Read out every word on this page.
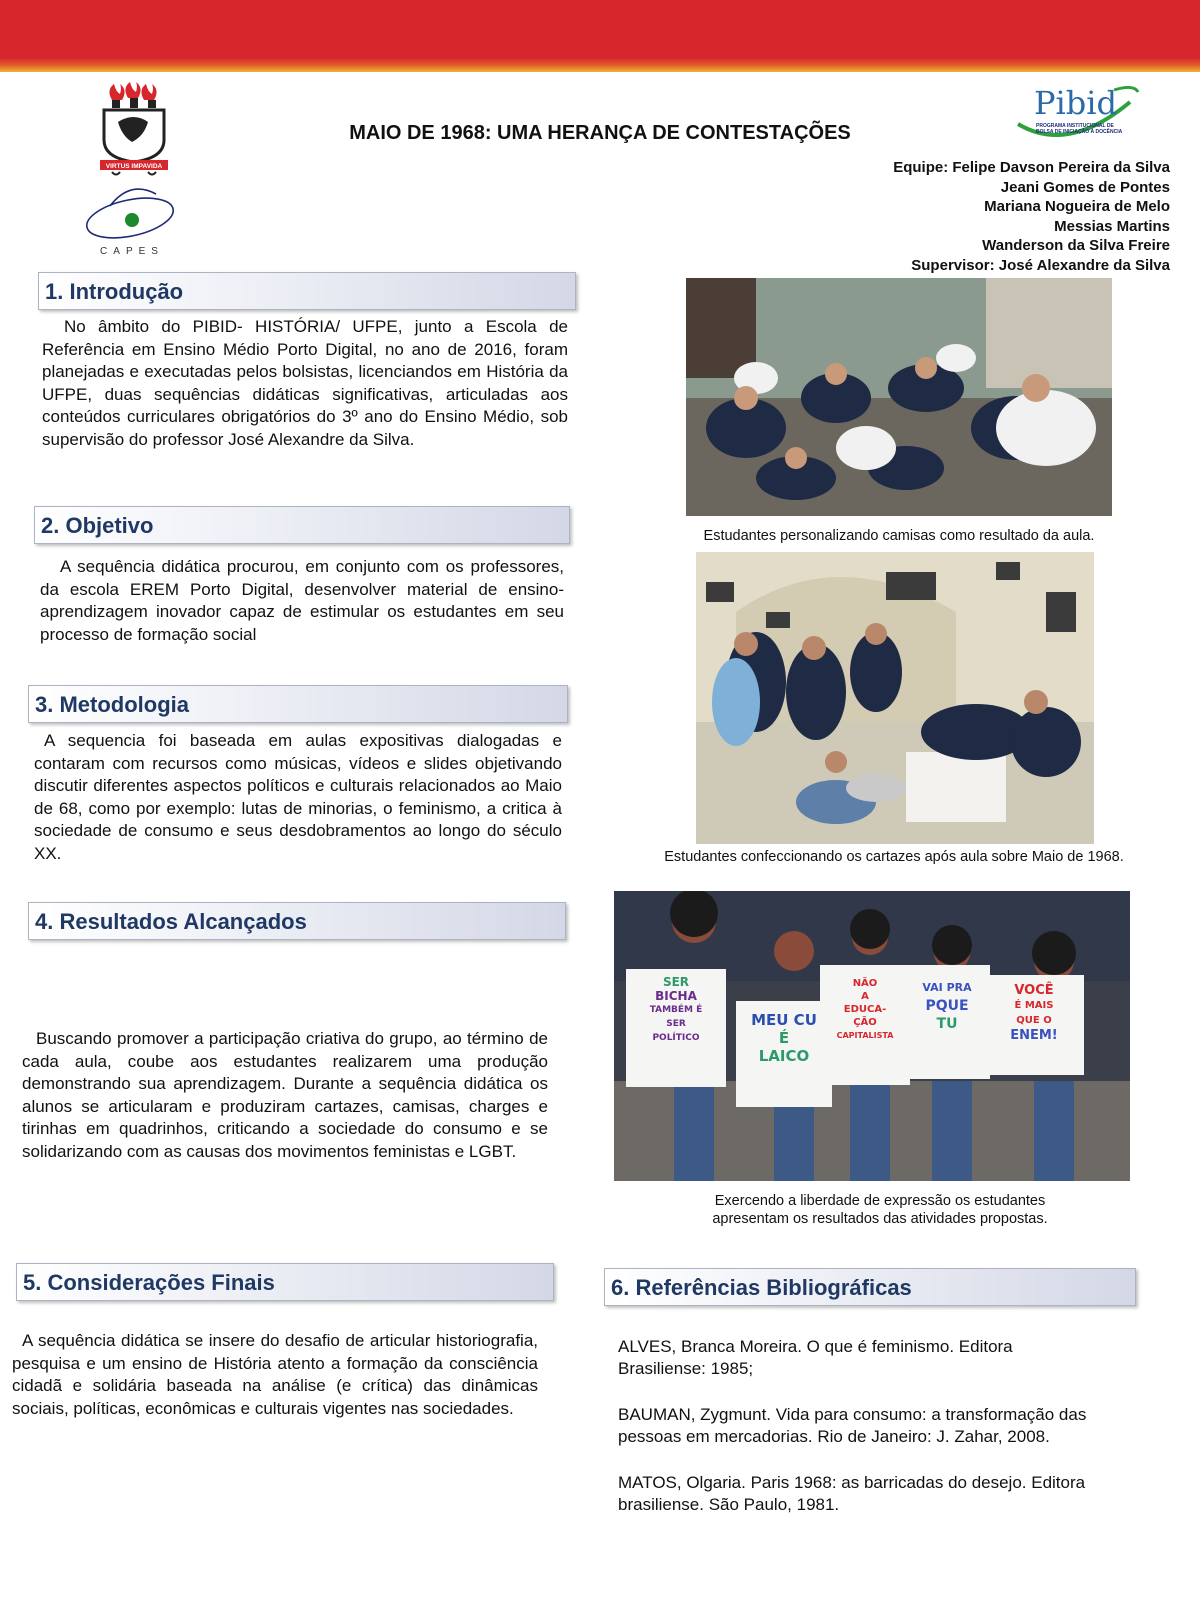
VIRTUS IMPAVIDA
CAPES
Pibid
PROGRAMA INSTITUCIONAL DE
BOLSA DE INICIAÇÃO À DOCÊNCIA
MAIO DE 1968: UMA HERANÇA DE CONTESTAÇÕES
Equipe: Felipe Davson Pereira da Silva
Jeani Gomes de Pontes
Mariana Nogueira de Melo
Messias Martins
Wanderson da Silva Freire
Supervisor: José Alexandre da Silva
1. Introdução
No âmbito do PIBID- HISTÓRIA/ UFPE, junto a Escola de Referência em Ensino Médio Porto Digital, no ano de 2016, foram planejadas e executadas pelos bolsistas, licenciandos em História da UFPE, duas sequências didáticas significativas, articuladas aos conteúdos curriculares obrigatórios do 3º ano do Ensino Médio, sob supervisão do professor José Alexandre da Silva.
2. Objetivo
A sequência didática procurou, em conjunto com os professores, da escola EREM Porto Digital, desenvolver material de ensino-aprendizagem inovador capaz de estimular os estudantes em seu processo de formação social
3. Metodologia
A sequencia foi baseada em aulas expositivas dialogadas e contaram com recursos como músicas, vídeos e slides objetivando discutir diferentes aspectos políticos e culturais relacionados ao Maio de 68, como por exemplo: lutas de minorias, o feminismo, a critica à sociedade de consumo e seus desdobramentos ao longo do século XX.
4. Resultados Alcançados
Buscando promover a participação criativa do grupo, ao término de cada aula, coube aos estudantes realizarem uma produção demonstrando sua aprendizagem. Durante a sequência didática os alunos se articularam e produziram cartazes, camisas, charges e tirinhas em quadrinhos, criticando a sociedade do consumo e se solidarizando com as causas dos movimentos feministas e LGBT.
5. Considerações Finais
A sequência didática se insere do desafio de articular historiografia, pesquisa e um ensino de História atento a formação da consciência cidadã e solidária baseada na análise (e crítica) das dinâmicas sociais, políticas, econômicas e culturais vigentes nas sociedades.
6. Referências Bibliográficas
ALVES, Branca Moreira. O que é feminismo. Editora Brasiliense: 1985;
BAUMAN, Zygmunt. Vida para consumo: a transformação das pessoas em mercadorias. Rio de Janeiro: J. Zahar, 2008.
MATOS, Olgaria. Paris 1968: as barricadas do desejo. Editora brasiliense. São Paulo, 1981.
Estudantes personalizando camisas como resultado da aula.
Estudantes confeccionando os cartazes após aula sobre Maio de 1968.
SER
BICHA
TAMBÉM É
SER
POLÍTICO
MEU CU
É
LAICO
NÃO
A
EDUCA-
ÇÃO
CAPITALISTA
VAI PRA
PQUE
TU
VOCÊ
É MAIS
QUE O
ENEM!
Exercendo a liberdade de expressão os estudantes apresentam os resultados das atividades propostas.
